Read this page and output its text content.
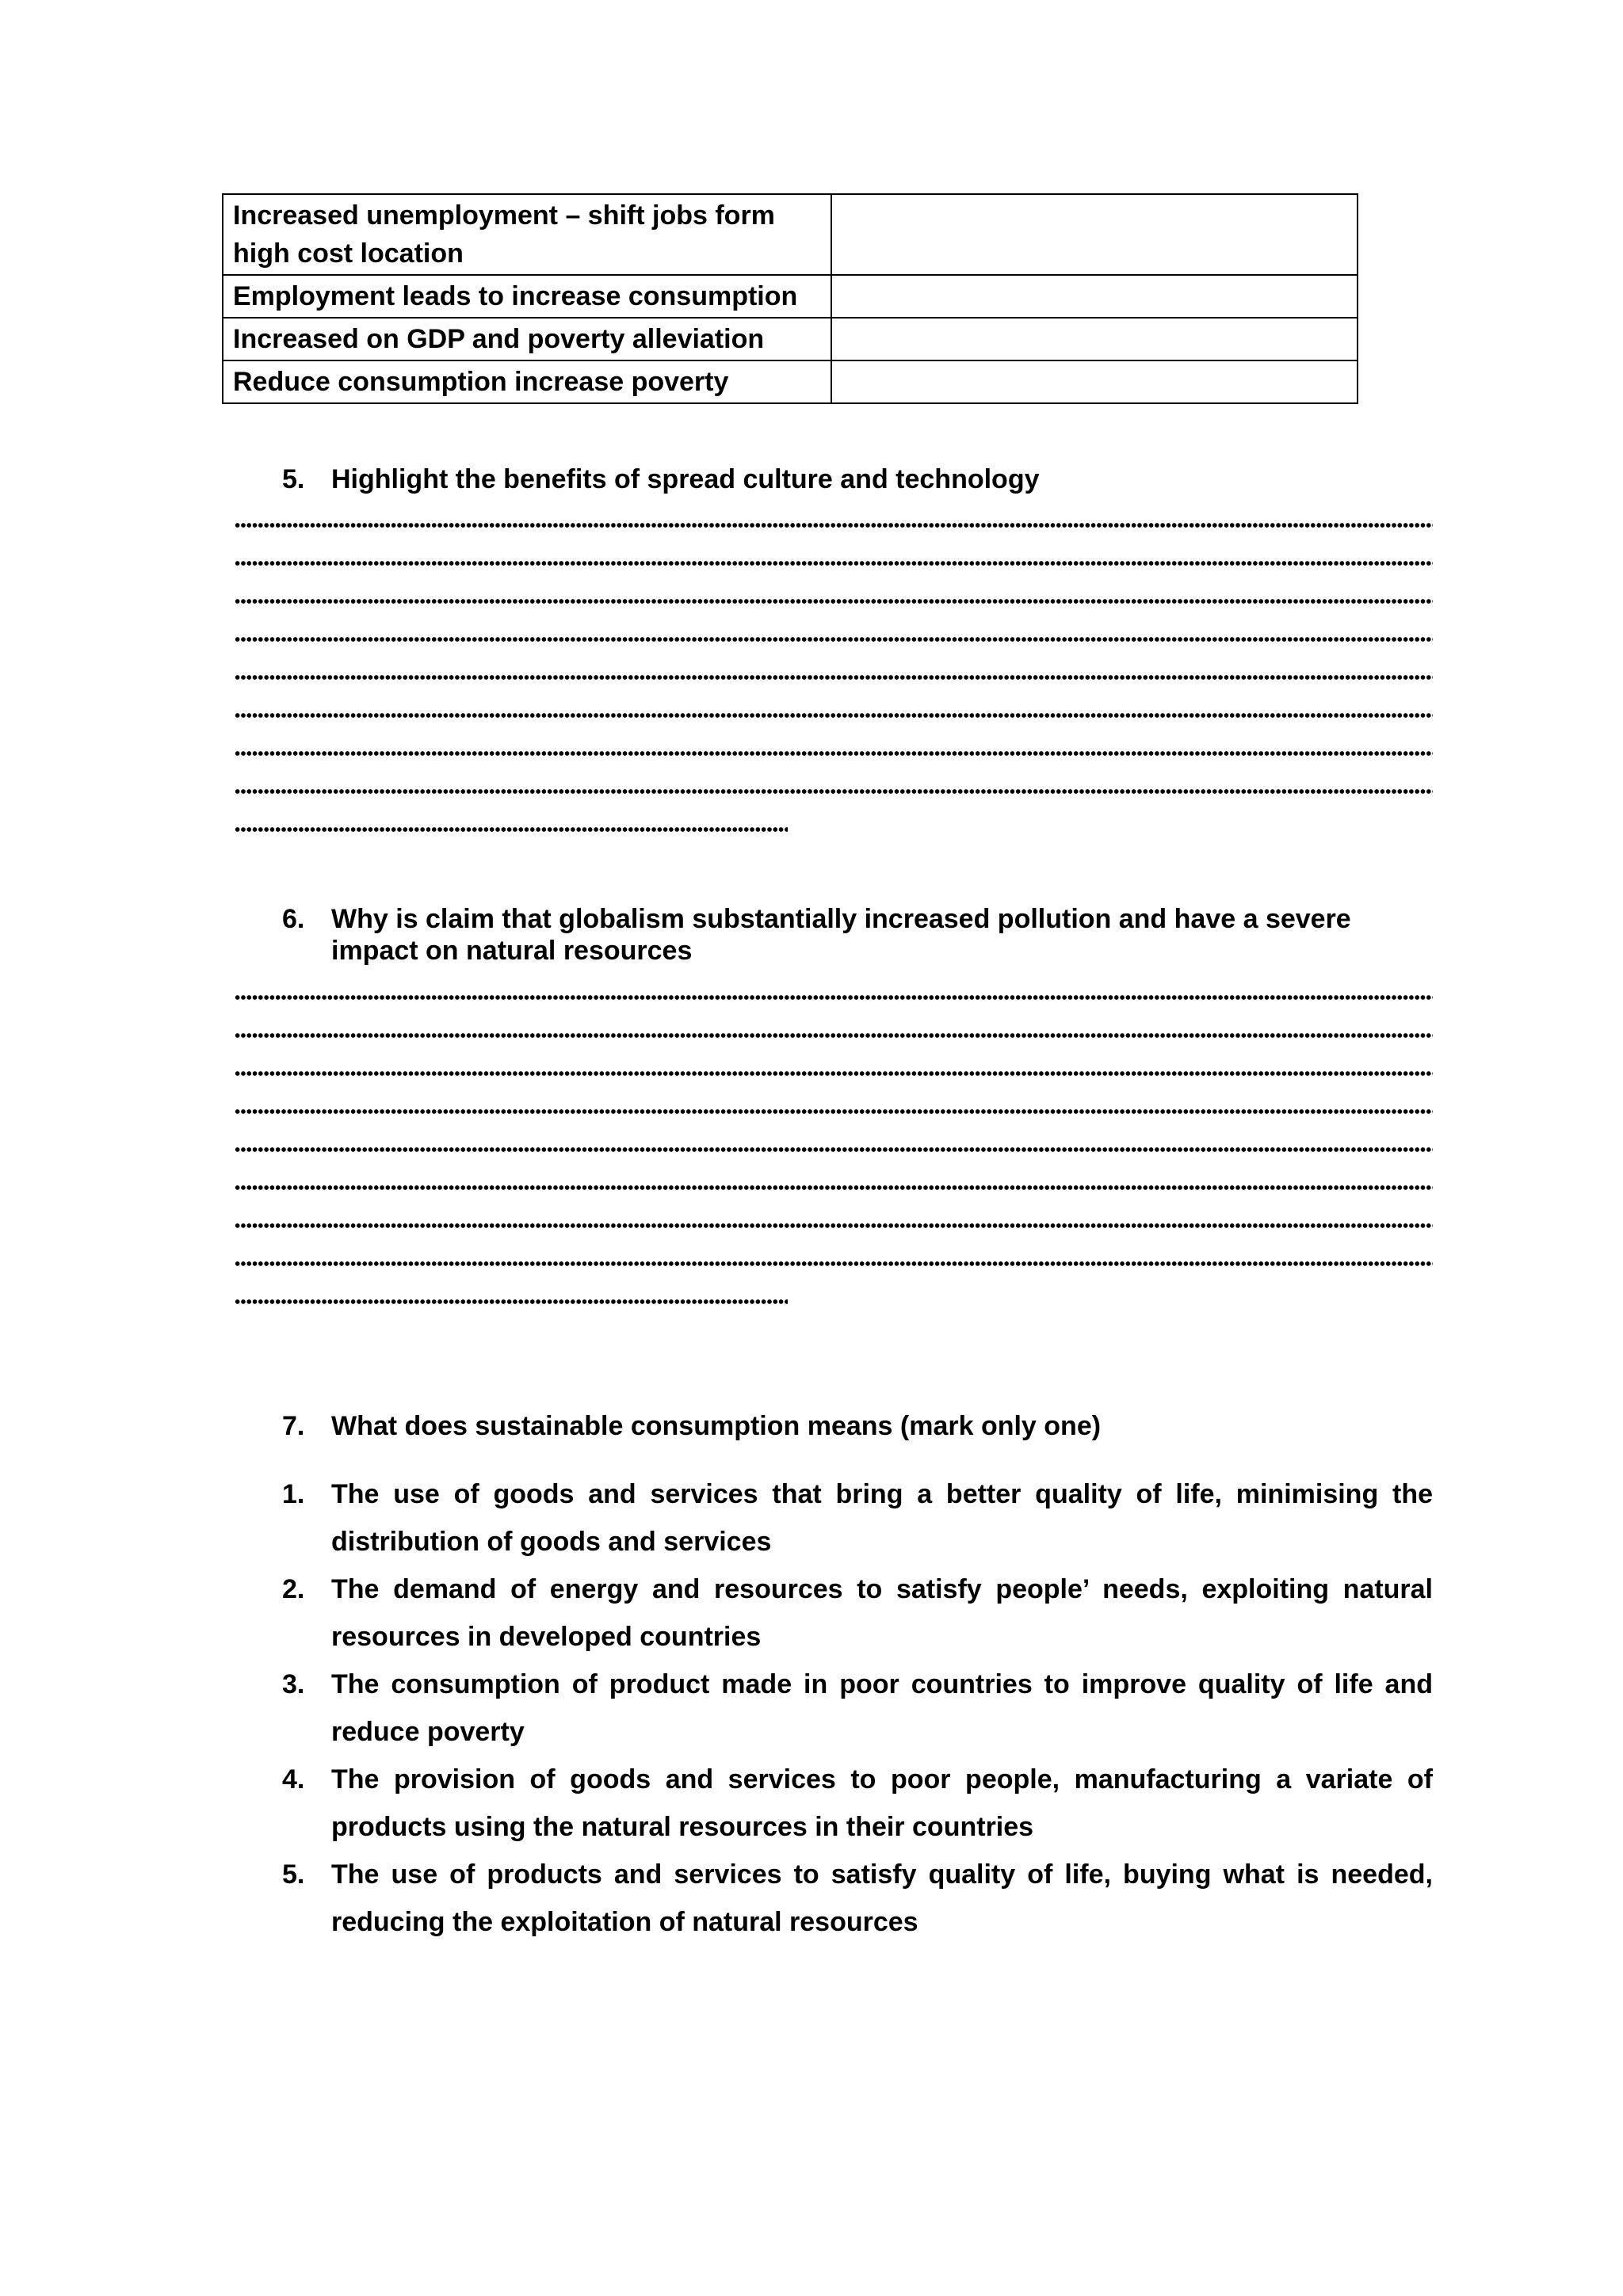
Increased unemployment – shift jobs form high cost location	
Employment leads to increase consumption	
Increased on GDP and poverty alleviation	
Reduce consumption increase poverty	
5. Highlight the benefits of spread culture and technology
6. Why is claim that globalism substantially increased pollution and have a severe impact on natural resources
7. What does sustainable consumption means (mark only one)
1. The use of goods and services that bring a better quality of life, minimising the distribution of goods and services
2. The demand of energy and resources to satisfy people’ needs, exploiting natural resources in developed countries
3. The consumption of product made in poor countries to improve quality of life and reduce poverty
4. The provision of goods and services to poor people, manufacturing a variate of products using the natural resources in their countries
5. The use of products and services to satisfy quality of life, buying what is needed, reducing the exploitation of natural resources
